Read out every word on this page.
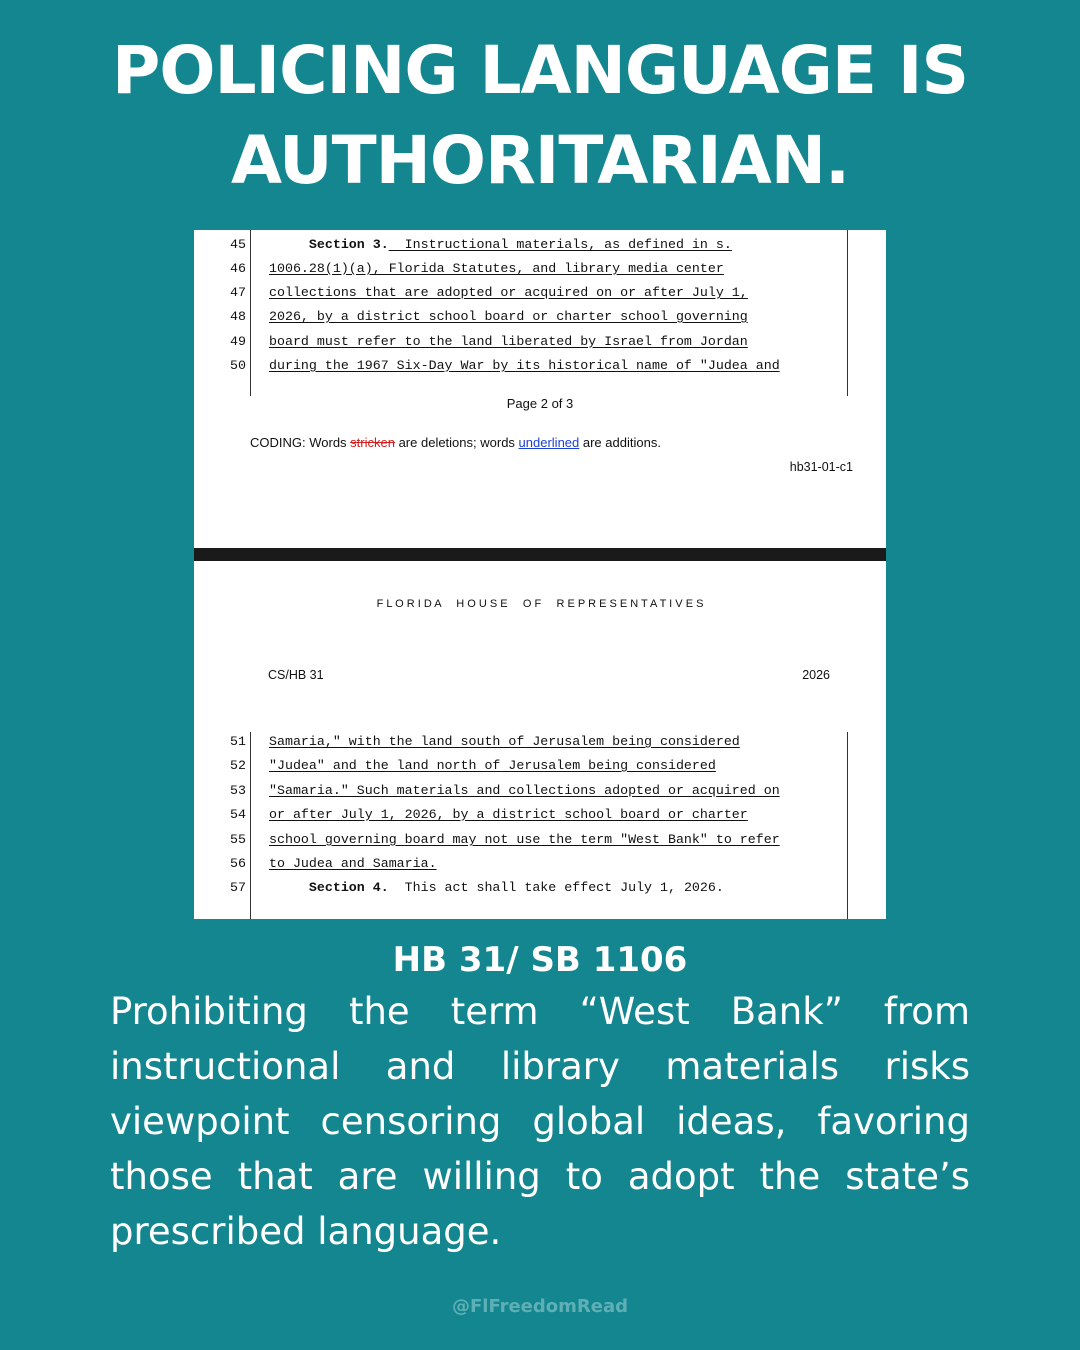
POLICING LANGUAGE IS
AUTHORITARIAN.

45

	Section 3.  Instructional materials, as defined in s.

46

1006.28(1)(a), Florida Statutes, and library media center

47

collections that are adopted or acquired on or after July 1,

48

2026, by a district school board or charter school governing

49

board must refer to the land liberated by Israel from Jordan

50

during the 1967 Six-Day War by its historical name of "Judea and

Page 2 of 3
CODING: Words stricken are deletions; words underlined are additions.
hb31-01-c1
F L O R I D A     H O U S E     O F     R E P R E S E N T A T I V E S
CS/HB 31	2026

51

Samaria," with the land south of Jerusalem being considered

52

"Judea" and the land north of Jerusalem being considered

53

"Samaria." Such materials and collections adopted or acquired on

54

or after July 1, 2026, by a district school board or charter

55

school governing board may not use the term "West Bank" to refer

56

to Judea and Samaria.

57

	Section 4.  This act shall take effect July 1, 2026.

HB 31/ SB 1106

Prohibiting the term “West Bank” from instructional and library materials risks viewpoint censoring global ideas, favoring those that are willing to adopt the state’s prescribed language.

@FlFreedomRead
